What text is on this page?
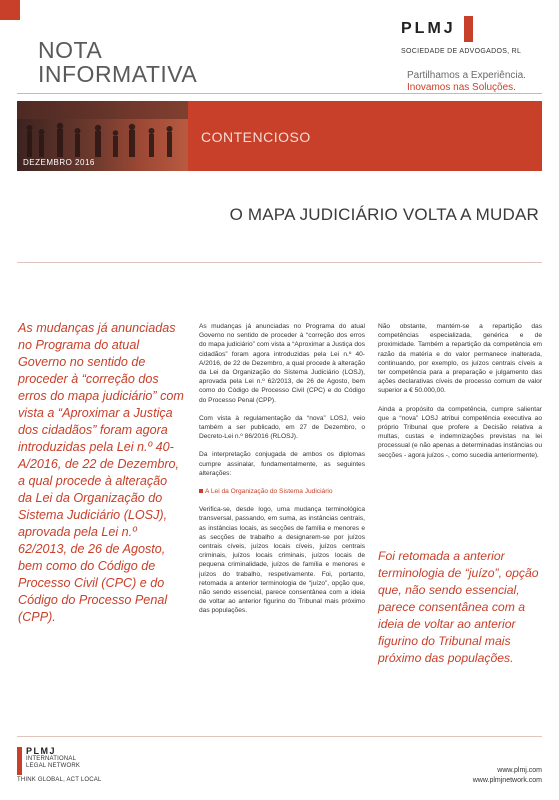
NOTA
INFORMATIVA
PLMJ
SOCIEDADE DE ADVOGADOS, RL
Partilhamos a Experiência.
Inovamos nas Soluções.
DEZEMBRO 2016
CONTENCIOSO
O MAPA JUDICIÁRIO VOLTA A MUDAR
As mudanças já anunciadas no Programa do atual Governo no sentido de proceder à “correção dos erros do mapa judiciário” com vista a “Aproximar a Justiça dos cidadãos” foram agora introduzidas pela Lei n.º 40-A/2016, de 22 de Dezembro, a qual procede à alteração da Lei da Organização do Sistema Judiciário (LOSJ), aprovada pela Lei n.º 62/2013, de 26 de Agosto, bem como do Código de Processo Civil (CPC) e do Código do Processo Penal (CPP).

As mudanças já anunciadas no Programa do atual Governo no sentido de proceder à “correção dos erros do mapa judiciário” com vista a “Aproximar a Justiça dos cidadãos” foram agora introduzidas pela Lei n.º 40-A/2016, de 22 de Dezembro, a qual procede à alteração da Lei da Organização do Sistema Judiciário (LOSJ), aprovada pela Lei n.º 62/2013, de 26 de Agosto, bem como do Código de Processo Civil (CPC) e do Código do Processo Penal (CPP).

Com vista à regulamentação da “nova” LOSJ, veio também a ser publicado, em 27 de Dezembro, o Decreto-Lei n.º 86/2016 (RLOSJ).

Da interpretação conjugada de ambos os diplomas cumpre assinalar, fundamentalmente, as seguintes alterações:

A Lei da Organização do Sistema Judiciário

Verifica-se, desde logo, uma mudança terminológica transversal, passando, em suma, as instâncias centrais, as instâncias locais, as secções de família e menores e as secções de trabalho a designarem-se por juízos centrais cíveis, juízos locais cíveis, juízos centrais criminais, juízos locais criminais, juízos locais de pequena criminalidade, juízos de família e menores e juízos do trabalho, respetivamente. Foi, portanto, retomada a anterior terminologia de “juízo”, opção que, não sendo essencial, parece consentânea com a ideia de voltar ao anterior figurino do Tribunal mais próximo das populações.

Não obstante, mantém-se a repartição das competências especializada, genérica e de proximidade. Também a repartição da competência em razão da matéria e do valor permanece inalterada, continuando, por exemplo, os juízos centrais cíveis a ter competência para a preparação e julgamento das ações declarativas cíveis de processo comum de valor superior a € 50.000,00.

Ainda a propósito da competência, cumpre salientar que a “nova” LOSJ atribui competência executiva ao próprio Tribunal que profere a Decisão relativa a multas, custas e indemnizações previstas na lei processual (e não apenas a determinadas instâncias ou secções - agora juízos -, como sucedia anteriormente).

Foi retomada a anterior terminologia de “juízo”, opção que, não sendo essencial, parece consentânea com a ideia de voltar ao anterior figurino do Tribunal mais próximo das populações.
PLMJ
INTERNATIONAL
LEGAL NETWORK
THINK GLOBAL, ACT LOCAL
www.plmj.com
www.plmjnetwork.com
